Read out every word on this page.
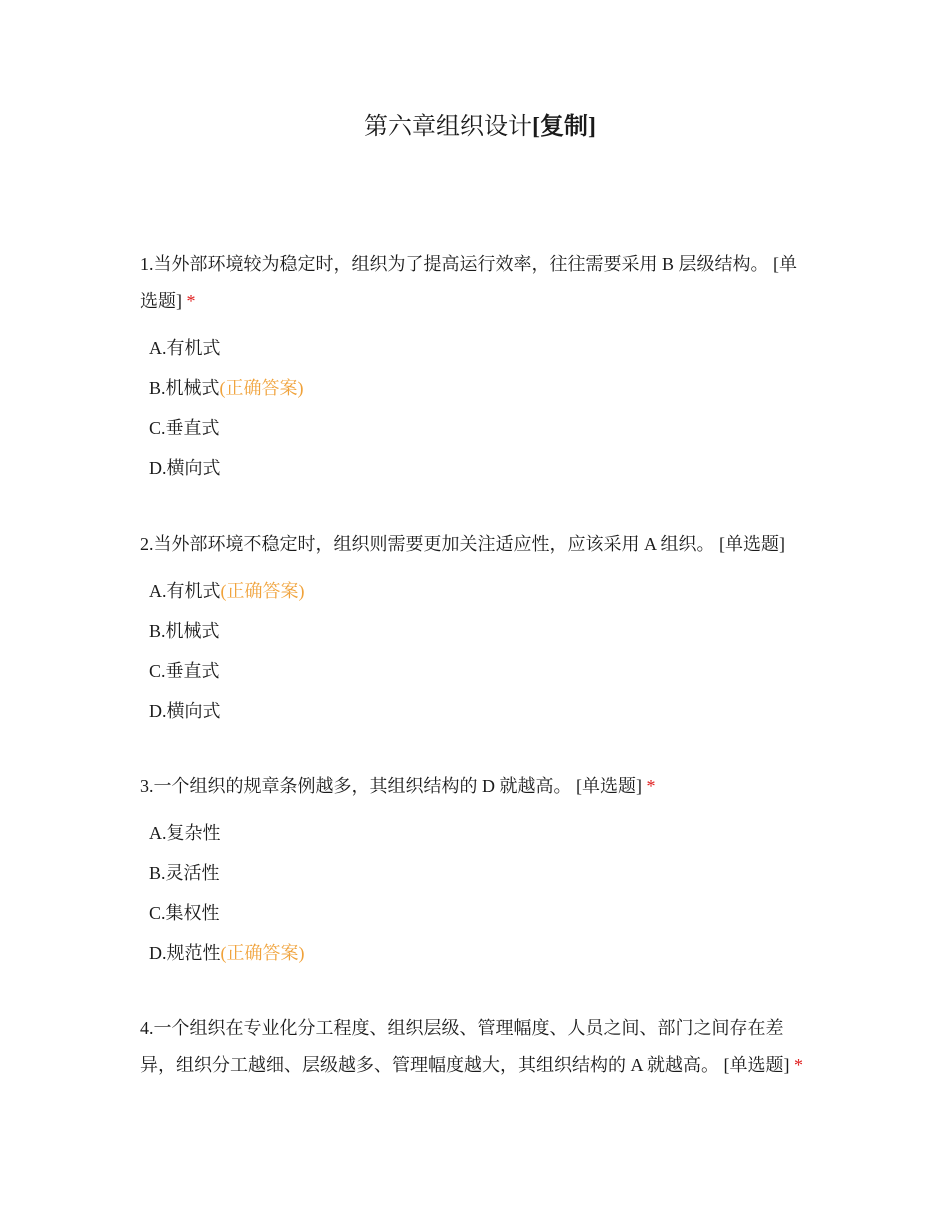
第六章组织设计[复制]

1.当外部环境较为稳定时，组织为了提高运行效率，往往需要采用 B 层级结构。 [单选题] *

A.有机式
B.机械式(正确答案)
C.垂直式
D.横向式

2.当外部环境不稳定时，组织则需要更加关注适应性，应该采用 A 组织。 [单选题]

A.有机式(正确答案)
B.机械式
C.垂直式
D.横向式

3.一个组织的规章条例越多，其组织结构的 D 就越高。 [单选题] *

A.复杂性
B.灵活性
C.集权性
D.规范性(正确答案)

4.一个组织在专业化分工程度、组织层级、管理幅度、人员之间、部门之间存在差异，组织分工越细、层级越多、管理幅度越大，其组织结构的 A 就越高。 [单选题] *
